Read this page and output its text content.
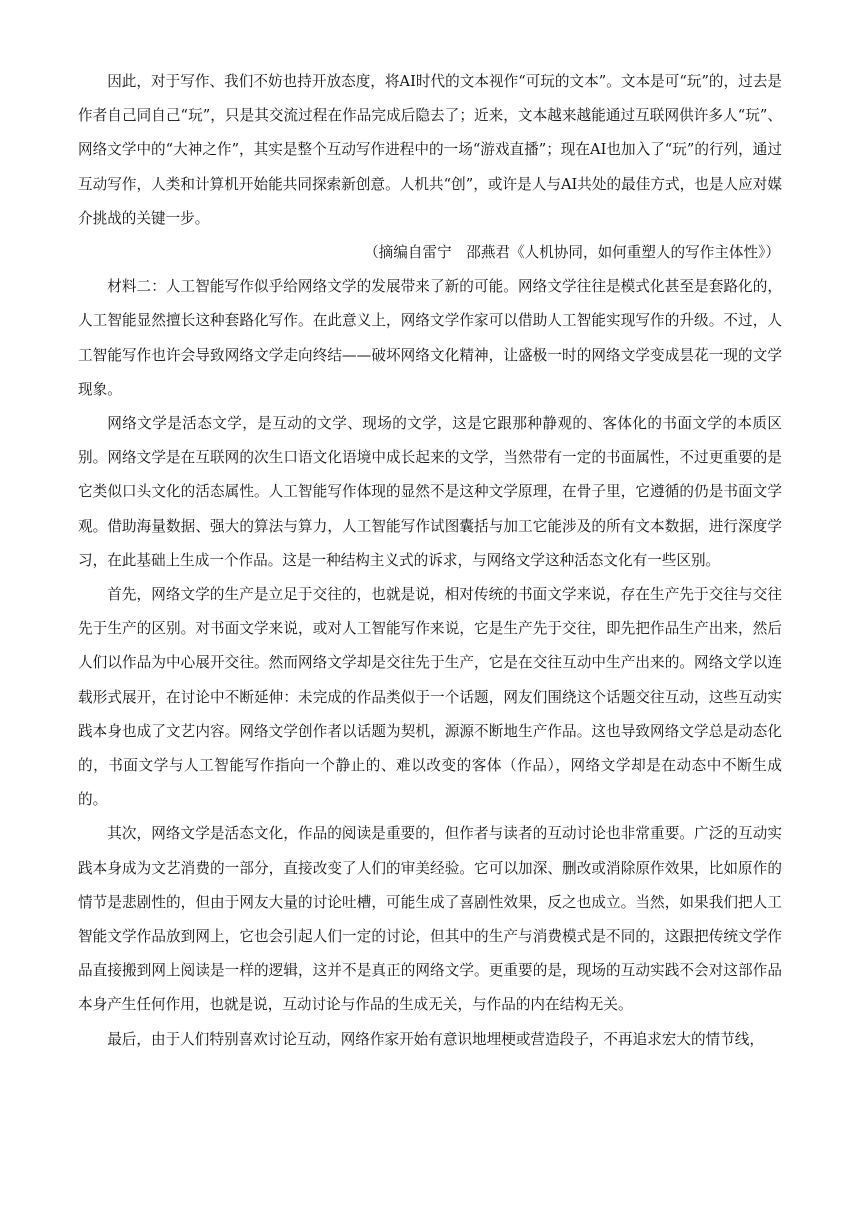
因此，对于写作、我们不妨也持开放态度，将AI时代的文本视作“可玩的文本”。文本是可“玩”的，过去是作者自己同自己“玩”，只是其交流过程在作品完成后隐去了；近来，文本越来越能通过互联网供许多人“玩”、网络文学中的“大神之作”，其实是整个互动写作进程中的一场“游戏直播”；现在AI也加入了“玩”的行列，通过互动写作，人类和计算机开始能共同探索新创意。人机共“创”，或许是人与AI共处的最佳方式，也是人应对媒介挑战的关键一步。

（摘编自雷宁　邵燕君《人机协同，如何重塑人的写作主体性》）

材料二：人工智能写作似乎给网络文学的发展带来了新的可能。网络文学往往是模式化甚至是套路化的，人工智能显然擅长这种套路化写作。在此意义上，网络文学作家可以借助人工智能实现写作的升级。不过，人工智能写作也许会导致网络文学走向终结——破坏网络文化精神，让盛极一时的网络文学变成昙花一现的文学现象。

网络文学是活态文学，是互动的文学、现场的文学，这是它跟那种静观的、客体化的书面文学的本质区别。网络文学是在互联网的次生口语文化语境中成长起来的文学，当然带有一定的书面属性，不过更重要的是它类似口头文化的活态属性。人工智能写作体现的显然不是这种文学原理，在骨子里，它遵循的仍是书面文学观。借助海量数据、强大的算法与算力，人工智能写作试图囊括与加工它能涉及的所有文本数据，进行深度学习，在此基础上生成一个作品。这是一种结构主义式的诉求，与网络文学这种活态文化有一些区别。

首先，网络文学的生产是立足于交往的，也就是说，相对传统的书面文学来说，存在生产先于交往与交往先于生产的区别。对书面文学来说，或对人工智能写作来说，它是生产先于交往，即先把作品生产出来，然后人们以作品为中心展开交往。然而网络文学却是交往先于生产，它是在交往互动中生产出来的。网络文学以连载形式展开，在讨论中不断延伸：未完成的作品类似于一个话题，网友们围绕这个话题交往互动，这些互动实践本身也成了文艺内容。网络文学创作者以话题为契机，源源不断地生产作品。这也导致网络文学总是动态化的，书面文学与人工智能写作指向一个静止的、难以改变的客体（作品），网络文学却是在动态中不断生成的。

其次，网络文学是活态文化，作品的阅读是重要的，但作者与读者的互动讨论也非常重要。广泛的互动实践本身成为文艺消费的一部分，直接改变了人们的审美经验。它可以加深、删改或消除原作效果，比如原作的情节是悲剧性的，但由于网友大量的讨论吐槽，可能生成了喜剧性效果，反之也成立。当然，如果我们把人工智能文学作品放到网上，它也会引起人们一定的讨论，但其中的生产与消费模式是不同的，这跟把传统文学作品直接搬到网上阅读是一样的逻辑，这并不是真正的网络文学。更重要的是，现场的互动实践不会对这部作品本身产生任何作用，也就是说，互动讨论与作品的生成无关，与作品的内在结构无关。

最后，由于人们特别喜欢讨论互动，网络作家开始有意识地埋梗或营造段子，不再追求宏大的情节线，
